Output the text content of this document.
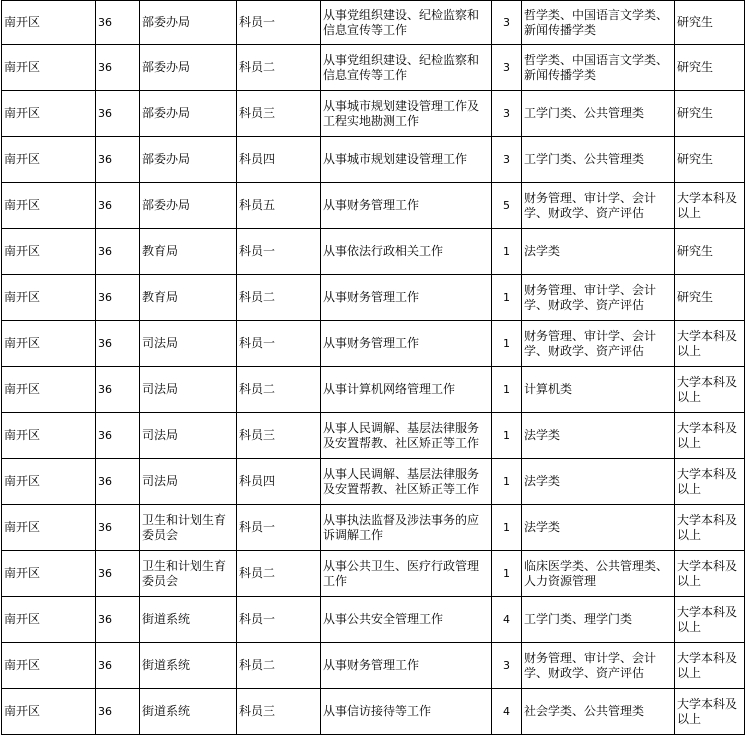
南开区	36	部委办局	科员一	从事党组织建设、纪检监察和信息宣传等工作	3	哲学类、中国语言文学类、新闻传播学类	研究生
南开区	36	部委办局	科员二	从事党组织建设、纪检监察和信息宣传等工作	3	哲学类、中国语言文学类、新闻传播学类	研究生
南开区	36	部委办局	科员三	从事城市规划建设管理工作及工程实地勘测工作	3	工学门类、公共管理类	研究生
南开区	36	部委办局	科员四	从事城市规划建设管理工作	3	工学门类、公共管理类	研究生
南开区	36	部委办局	科员五	从事财务管理工作	5	财务管理、审计学、会计学、财政学、资产评估	大学本科及以上
南开区	36	教育局	科员一	从事依法行政相关工作	1	法学类	研究生
南开区	36	教育局	科员二	从事财务管理工作	1	财务管理、审计学、会计学、财政学、资产评估	研究生
南开区	36	司法局	科员一	从事财务管理工作	1	财务管理、审计学、会计学、财政学、资产评估	大学本科及以上
南开区	36	司法局	科员二	从事计算机网络管理工作	1	计算机类	大学本科及以上
南开区	36	司法局	科员三	从事人民调解、基层法律服务及安置帮教、社区矫正等工作	1	法学类	大学本科及以上
南开区	36	司法局	科员四	从事人民调解、基层法律服务及安置帮教、社区矫正等工作	1	法学类	大学本科及以上
南开区	36	卫生和计划生育委员会	科员一	从事执法监督及涉法事务的应诉调解工作	1	法学类	大学本科及以上
南开区	36	卫生和计划生育委员会	科员二	从事公共卫生、医疗行政管理工作	1	临床医学类、公共管理类、人力资源管理	大学本科及以上
南开区	36	街道系统	科员一	从事公共安全管理工作	4	工学门类、理学门类	大学本科及以上
南开区	36	街道系统	科员二	从事财务管理工作	3	财务管理、审计学、会计学、财政学、资产评估	大学本科及以上
南开区	36	街道系统	科员三	从事信访接待等工作	4	社会学类、公共管理类	大学本科及以上
